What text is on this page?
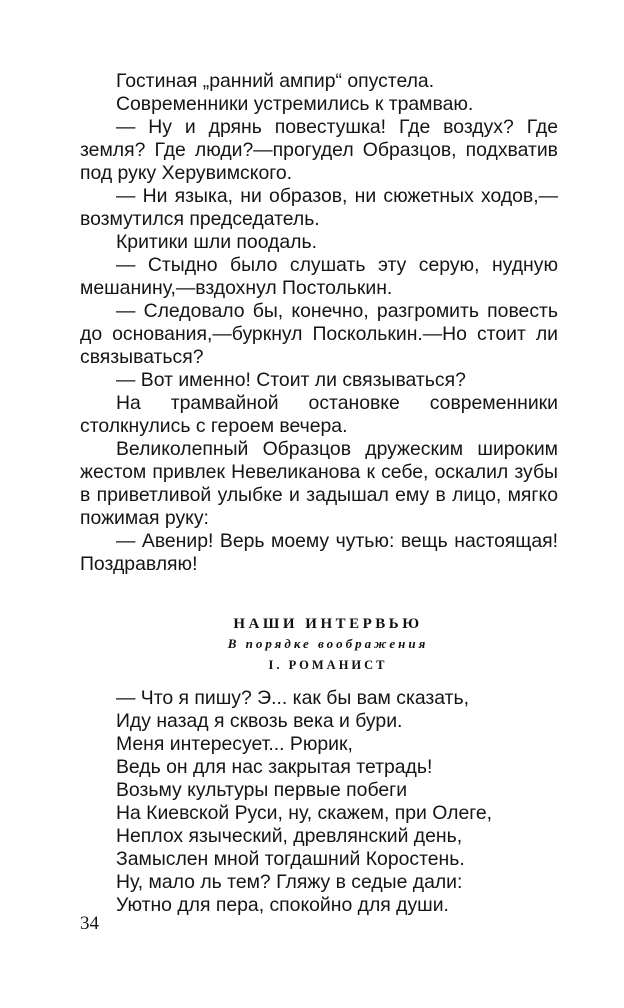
Гостиная „ранний ампир“ опустела.

Современники устремились к трамваю.

— Ну и дрянь повестушка! Где воздух? Где земля? Где люди?—прогудел Образцов, подхватив под руку Херувимского.

— Ни языка, ни образов, ни сюжетных ходов,— возмутился председатель.

Критики шли поодаль.

— Стыдно было слушать эту серую, нудную мешанину,—вздохнул Постолькин.

— Следовало бы, конечно, разгромить повесть до основания,—буркнул Посколькин.—Но стоит ли связываться?

— Вот именно! Стоит ли связываться?

На трамвайной остановке современники столкнулись с героем вечера.

Великолепный Образцов дружеским широким жестом привлек Невеликанова к себе, оскалил зубы в приветливой улыбке и задышал ему в лицо, мягко пожимая руку:

— Авенир! Верь моему чутью: вещь настоящая! Поздравляю!

НАШИ ИНТЕРВЬЮ
В порядке воображения
I. РОМАНИСТ
— Что я пишу? Э... как бы вам сказать,
Иду назад я сквозь века и бури.
Меня интересует... Рюрик,
Ведь он для нас закрытая тетрадь!
Возьму культуры первые побеги
На Киевской Руси, ну, скажем, при Олеге,
Неплох языческий, древлянский день,
Замыслен мной тогдашний Коростень.
Ну, мало ль тем? Гляжу в седые дали:
Уютно для пера, спокойно для души.
34
